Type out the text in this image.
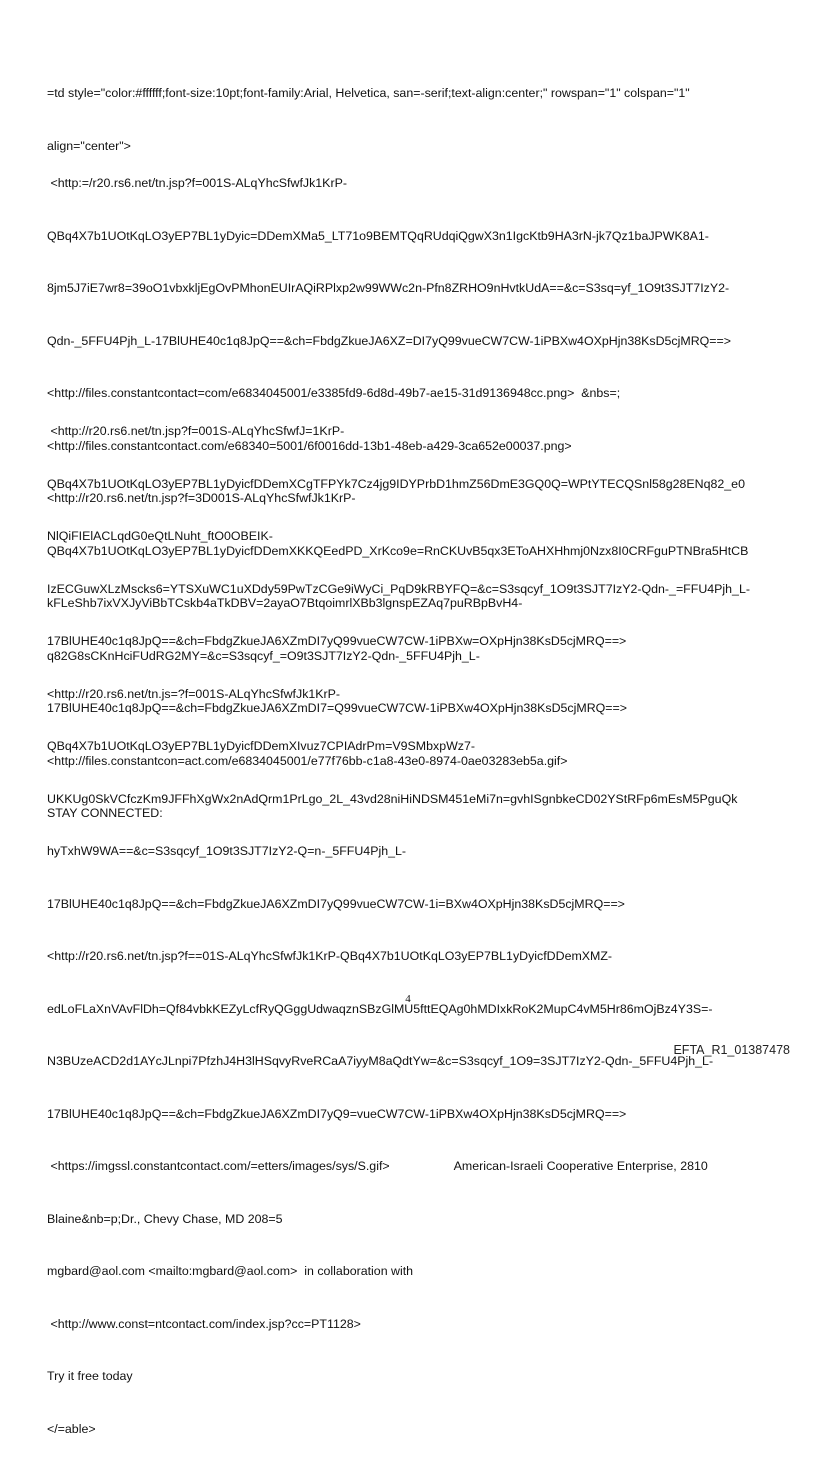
=td style="color:#ffffff;font-size:10pt;font-family:Arial, Helvetica, san=-serif;text-align:center;" rowspan="1" colspan="1"

align="center">

<http:=/r20.rs6.net/tn.jsp?f=001S-ALqYhcSfwfJk1KrP-

QBq4X7b1UOtKqLO3yEP7BL1yDyic=DDemXMa5_LT71o9BEMTQqRUdqiQgwX3n1IgcKtb9HA3rN-jk7Qz1baJPWK8A1-

8jm5J7iE7wr8=39oO1vbxkljEgOvPMhonEUIrAQiRPlxp2w99WWc2n-Pfn8ZRHO9nHvtkUdA==&c=S3sq=yf_1O9t3SJT7IzY2-

Qdn-_5FFU4Pjh_L-17BlUHE40c1q8JpQ==&ch=FbdgZkueJA6XZ=DI7yQ99vueCW7CW-1iPBXw4OXpHjn38KsD5cjMRQ==>

<http://files.constantcontact=com/e6834045001/e3385fd9-6d8d-49b7-ae15-31d9136948cc.png>  &nbs=;

<http://files.constantcontact.com/e68340=5001/6f0016dd-13b1-48eb-a429-3ca652e00037.png>

<http://r20.rs6.net/tn.jsp?f=3D001S-ALqYhcSfwfJk1KrP-

QBq4X7b1UOtKqLO3yEP7BL1yDyicfDDemXKKQEedPD_XrKco9e=RnCKUvB5qx3EToAHXHhmj0Nzx8I0CRFguPTNBra5HtCB

kFLeShb7ixVXJyViBbTCskb4aTkDBV=2ayaO7BtqoimrlXBb3lgnspEZAq7puRBpBvH4-

q82G8sCKnHciFUdRG2MY=&c=S3sqcyf_=O9t3SJT7IzY2-Qdn-_5FFU4Pjh_L-

17BlUHE40c1q8JpQ==&ch=FbdgZkueJA6XZmDI7=Q99vueCW7CW-1iPBXw4OXpHjn38KsD5cjMRQ==>

<http://files.constantcon=act.com/e6834045001/e77f76bb-c1a8-43e0-8974-0ae03283eb5a.gif>

STAY CONNECTED:

<http://r20.rs6.net/tn.jsp?f=001S-ALqYhcSfwfJ=1KrP-

QBq4X7b1UOtKqLO3yEP7BL1yDyicfDDemXCgTFPYk7Cz4jg9IDYPrbD1hmZ56DmE3GQ0Q=WPtYTECQSnl58g28ENq82_e0

NlQiFIElACLqdG0eQtLNuht_ftO0OBEIK-

IzECGuwXLzMscks6=YTSXuWC1uXDdy59PwTzCGe9iWyCi_PqD9kRBYFQ=&c=S3sqcyf_1O9t3SJT7IzY2-Qdn-_=FFU4Pjh_L-

17BlUHE40c1q8JpQ==&ch=FbdgZkueJA6XZmDI7yQ99vueCW7CW-1iPBXw=OXpHjn38KsD5cjMRQ==>

<http://r20.rs6.net/tn.js=?f=001S-ALqYhcSfwfJk1KrP-

QBq4X7b1UOtKqLO3yEP7BL1yDyicfDDemXIvuz7CPIAdrPm=V9SMbxpWz7-

UKKUg0SkVCfczKm9JFFhXgWx2nAdQrm1PrLgo_2L_43vd28niHiNDSM451eMi7n=gvhISgnbkeCD02YStRFp6mEsM5PguQk

hyTxhW9WA==&c=S3sqcyf_1O9t3SJT7IzY2-Q=n-_5FFU4Pjh_L-

17BlUHE40c1q8JpQ==&ch=FbdgZkueJA6XZmDI7yQ99vueCW7CW-1i=BXw4OXpHjn38KsD5cjMRQ==>

<http://r20.rs6.net/tn.jsp?f==01S-ALqYhcSfwfJk1KrP-QBq4X7b1UOtKqLO3yEP7BL1yDyicfDDemXMZ-

edLoFLaXnVAvFlDh=Qf84vbkKEZyLcfRyQGggUdwaqznSBzGlMU5fttEQAg0hMDIxkRoK2MupC4vM5Hr86mOjBz4Y3S=-

N3BUzeACD2d1AYcJLnpi7PfzhJ4H3lHSqvyRveRCaA7iyyM8aQdtYw=&c=S3sqcyf_1O9=3SJT7IzY2-Qdn-_5FFU4Pjh_L-

17BlUHE40c1q8JpQ==&ch=FbdgZkueJA6XZmDI7yQ9=vueCW7CW-1iPBXw4OXpHjn38KsD5cjMRQ==>

<https://imgssl.constantcontact.com/=etters/images/sys/S.gif>	American-Israeli Cooperative Enterprise, 2810

Blaine&nb=p;Dr., Chevy Chase, MD 208=5

mgbard@aol.com <mailto:mgbard@aol.com>  in collaboration with

<http://www.const=ntcontact.com/index.jsp?cc=PT1128>

Try it free today

</=able>

4
EFTA_R1_01387478
